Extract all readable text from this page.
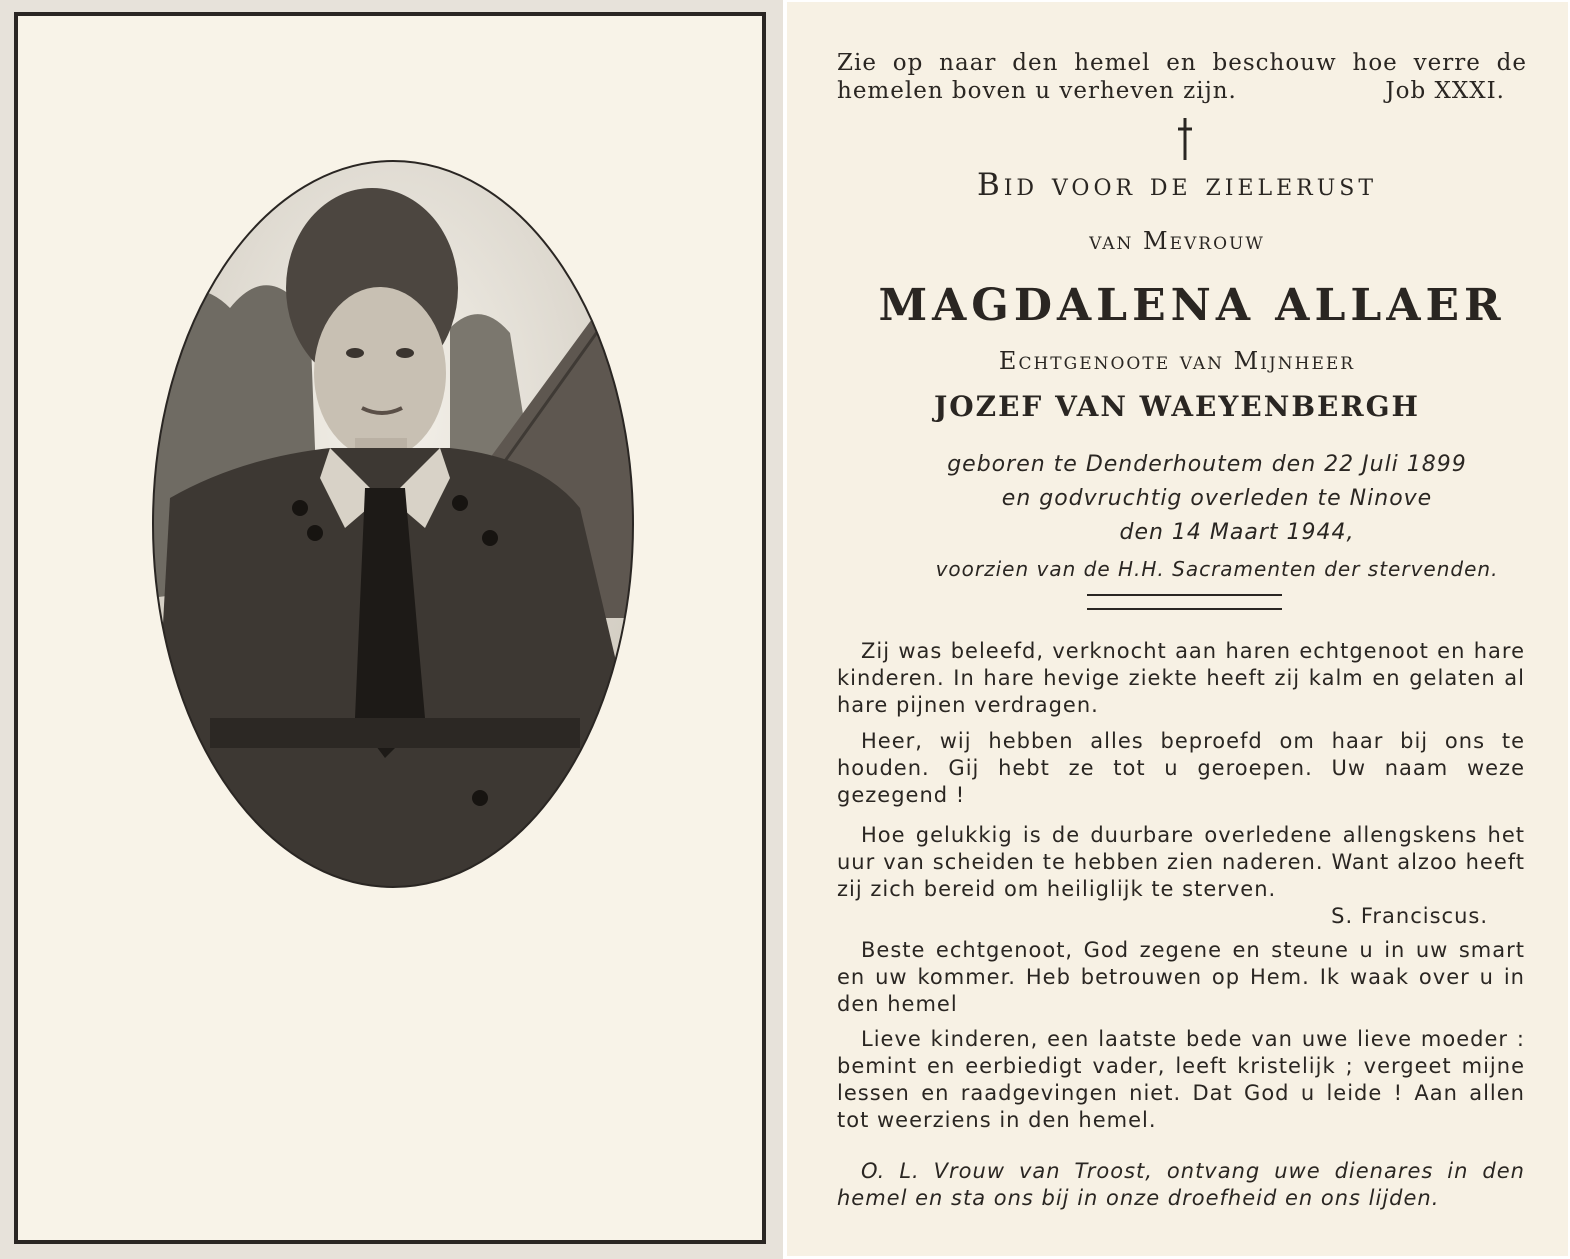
Zie op naar den hemel en beschouw hoe verre de
hemelen boven u verheven zijn.	Job XXXI.
Bid voor de zielerust
van Mevrouw
MAGDALENA ALLAER
Echtgenoote van Mijnheer
JOZEF VAN WAEYENBERGH
geboren te Denderhoutem den 22 Juli 1899
en godvruchtig overleden te Ninove
den 14 Maart 1944,
voorzien van de H.H. Sacramenten der stervenden.

Zij was beleefd, verknocht aan haren echtgenoot en hare kinderen. In hare hevige ziekte heeft zij kalm en gelaten al hare pijnen verdragen.

Heer, wij hebben alles beproefd om haar bij ons te houden. Gij hebt ze tot u geroepen. Uw naam weze gezegend !

Hoe gelukkig is de duurbare overledene allengskens het uur van scheiden te hebben zien naderen. Want alzoo heeft zij zich bereid om heiliglijk te sterven.

S. Franciscus.

Beste echtgenoot, God zegene en steune u in uw smart en uw kommer. Heb betrouwen op Hem. Ik waak over u in den hemel

Lieve kinderen, een laatste bede van uwe lieve moeder : bemint en eerbiedigt vader, leeft kristelijk ; vergeet mijne lessen en raadgevingen niet. Dat God u leide ! Aan allen tot weerziens in den hemel.

O. L. Vrouw van Troost, ontvang uwe dienares in den hemel en sta ons bij in onze droefheid en ons lijden.
